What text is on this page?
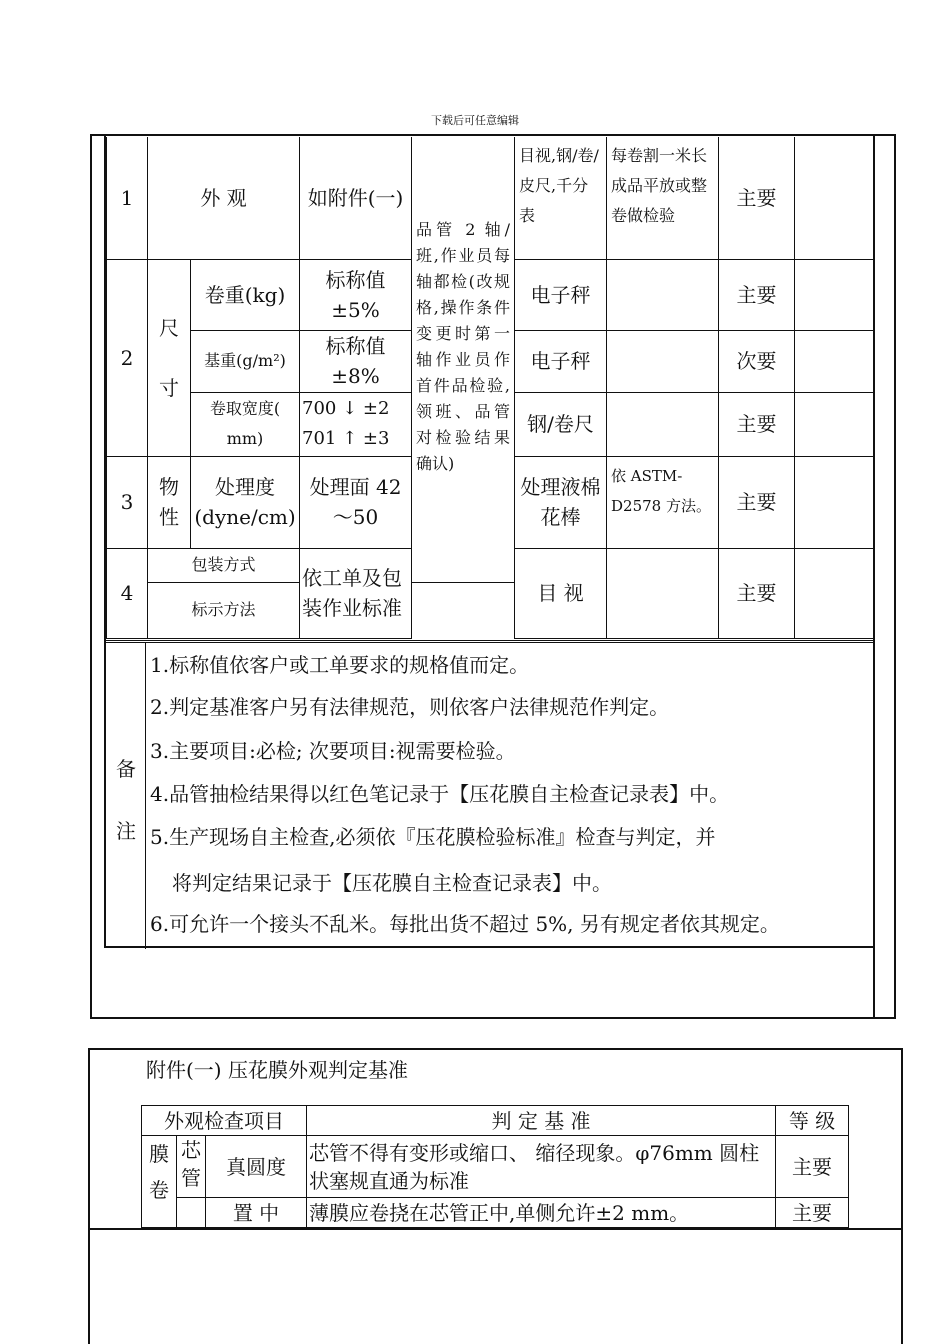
下载后可任意编辑
1	外 观		如附件(一)	品管 2 轴/班,作业员每轴都检(改规格,操作条件变更时第一轴作业员作首件品检验,领班、品管对检验结果确认)	目视,钢/卷/皮尺,千分表	每卷割一米长成品平放或整卷做检验	主要	
2	尺寸	卷重(kg)	标称值±5%		电子秤		主要	
		基重(g/m²)	标称值±8%		电子秤		次要	
		卷取宽度( mm)	700 ↓ ±2
701 ↑ ±3		钢/卷尺		主要	
3	物性	处理度(dyne/cm)	处理面 42～50		处理液棉花棒	依 ASTM-D2578 方法。	主要	
4	包装方式		依工单及包装作业标准		目 视		主要	
	标示方法							
备
注
1.标称值依客户或工单要求的规格值而定。
2.判定基准客户另有法律规范，则依客户法律规范作判定。
3.主要项目:必检; 次要项目:视需要检验。
4.品管抽检结果得以红色笔记录于【压花膜自主检查记录表】中。
5.生产现场自主检查,必须依『压花膜检验标准』检查与判定，并
将判定结果记录于【压花膜自主检查记录表】中。
6.可允许一个接头不乱米。每批出货不超过 5%, 另有规定者依其规定。
附件(一) 压花膜外观判定基准
外观检查项目			判 定 基 准	等 级
膜卷	芯管	真圆度	芯管不得有变形或缩口、 缩径现象。φ76mm 圆柱状塞规直通为标准	主要
		置 中	薄膜应卷挠在芯管正中,单侧允许±2 mm。	主要
